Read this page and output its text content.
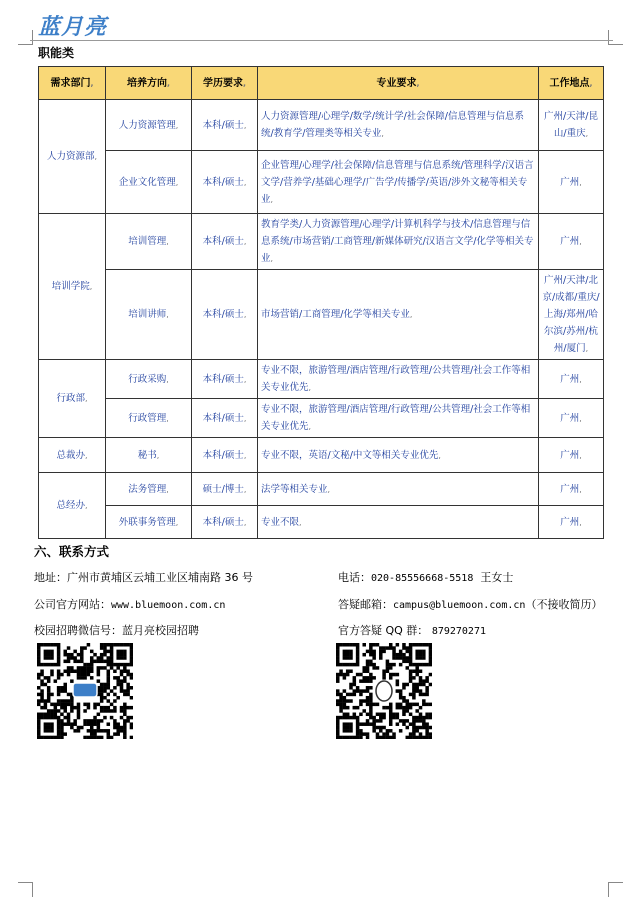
蓝月亮
职能类
需求部门,	培养方向,	学历要求,	专业要求,	工作地点,
人力资源部,	人力资源管理,	本科/硕士,	人力资源管理/心理学/数学/统计学/社会保障/信息管理与信息系统/教育学/管理类等相关专业,	广州/天津/昆山/重庆,
	企业文化管理,	本科/硕士,	企业管理/心理学/社会保障/信息管理与信息系统/管理科学/汉语言文学/营养学/基础心理学/广告学/传播学/英语/涉外文秘等相关专业,	广州,
培训学院,	培训管理,	本科/硕士,	教育学类/人力资源管理/心理学/计算机科学与技术/信息管理与信息系统/市场营销/工商管理/新媒体研究/汉语言文学/化学等相关专业,	广州,
	培训讲师,	本科/硕士,	市场营销/工商管理/化学等相关专业,	广州/天津/北京/成都/重庆/上海/郑州/哈尔滨/苏州/杭州/厦门,
行政部,	行政采购,	本科/硕士,	专业不限，旅游管理/酒店管理/行政管理/公共管理/社会工作等相关专业优先,	广州,
	行政管理,	本科/硕士,	专业不限，旅游管理/酒店管理/行政管理/公共管理/社会工作等相关专业优先,	广州,
总裁办,	秘书,	本科/硕士,	专业不限，英语/文秘/中文等相关专业优先,	广州,
总经办,	法务管理,	硕士/博士,	法学等相关专业,	广州,
	外联事务管理,	本科/硕士,	专业不限,	广州,
六、联系方式
地址：广州市黄埔区云埔工业区埔南路 36 号	电话：020-85556668-5518 王女士
公司官方网站：www.bluemoon.com.cn	答疑邮箱：campus@bluemoon.com.cn（不接收简历）
校园招聘微信号：蓝月亮校园招聘	官方答疑 QQ 群： 879270271
